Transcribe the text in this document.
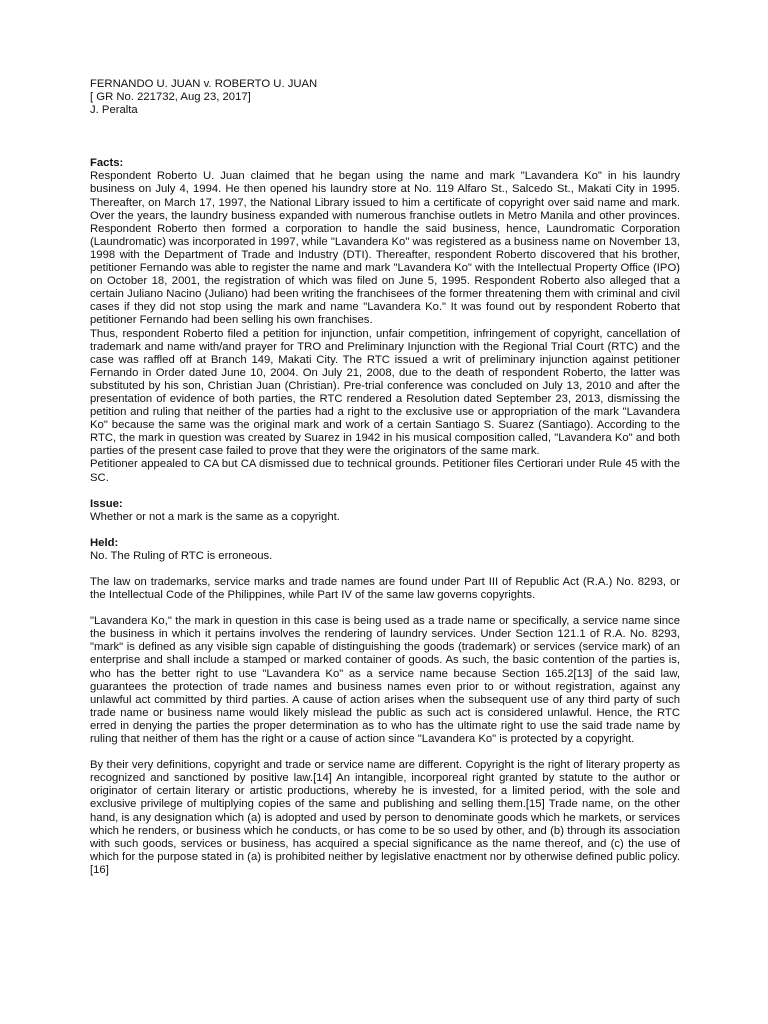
FERNANDO U. JUAN v. ROBERTO U. JUAN

[ GR No. 221732, Aug 23, 2017]

J. Peralta

Facts:

Respondent Roberto U. Juan claimed that he began using the name and mark "Lavandera Ko" in his laundry business on July 4, 1994. He then opened his laundry store at No. 119 Alfaro St., Salcedo St., Makati City in 1995. Thereafter, on March 17, 1997, the National Library issued to him a certificate of copyright over said name and mark. Over the years, the laundry business expanded with numerous franchise outlets in Metro Manila and other provinces. Respondent Roberto then formed a corporation to handle the said business, hence, Laundromatic Corporation (Laundromatic) was incorporated in 1997, while "Lavandera Ko" was registered as a business name on November 13, 1998 with the Department of Trade and Industry (DTI). Thereafter, respondent Roberto discovered that his brother, petitioner Fernando was able to register the name and mark "Lavandera Ko" with the Intellectual Property Office (IPO) on October 18, 2001, the registration of which was filed on June 5, 1995. Respondent Roberto also alleged that a certain Juliano Nacino (Juliano) had been writing the franchisees of the former threatening them with criminal and civil cases if they did not stop using the mark and name "Lavandera Ko." It was found out by respondent Roberto that petitioner Fernando had been selling his own franchises.

Thus, respondent Roberto filed a petition for injunction, unfair competition, infringement of copyright, cancellation of trademark and name with/and prayer for TRO and Preliminary Injunction with the Regional Trial Court (RTC) and the case was raffled off at Branch 149, Makati City. The RTC issued a writ of preliminary injunction against petitioner Fernando in Order dated June 10, 2004. On July 21, 2008, due to the death of respondent Roberto, the latter was substituted by his son, Christian Juan (Christian). Pre-trial conference was concluded on July 13, 2010 and after the presentation of evidence of both parties, the RTC rendered a Resolution dated September 23, 2013, dismissing the petition and ruling that neither of the parties had a right to the exclusive use or appropriation of the mark "Lavandera Ko" because the same was the original mark and work of a certain Santiago S. Suarez (Santiago). According to the RTC, the mark in question was created by Suarez in 1942 in his musical composition called, "Lavandera Ko" and both parties of the present case failed to prove that they were the originators of the same mark.

Petitioner appealed to CA but CA dismissed due to technical grounds. Petitioner files Certiorari under Rule 45 with the SC.

Issue:

Whether or not a mark is the same as a copyright.

Held:

No. The Ruling of RTC is erroneous.

The law on trademarks, service marks and trade names are found under Part III of Republic Act (R.A.) No. 8293, or the Intellectual Code of the Philippines, while Part IV of the same law governs copyrights.

"Lavandera Ko," the mark in question in this case is being used as a trade name or specifically, a service name since the business in which it pertains involves the rendering of laundry services. Under Section 121.1 of R.A. No. 8293, "mark" is defined as any visible sign capable of distinguishing the goods (trademark) or services (service mark) of an enterprise and shall include a stamped or marked container of goods. As such, the basic contention of the parties is, who has the better right to use "Lavandera Ko" as a service name because Section 165.2[13] of the said law, guarantees the protection of trade names and business names even prior to or without registration, against any unlawful act committed by third parties. A cause of action arises when the subsequent use of any third party of such trade name or business name would likely mislead the public as such act is considered unlawful. Hence, the RTC erred in denying the parties the proper determination as to who has the ultimate right to use the said trade name by ruling that neither of them has the right or a cause of action since "Lavandera Ko" is protected by a copyright.

By their very definitions, copyright and trade or service name are different. Copyright is the right of literary property as recognized and sanctioned by positive law.[14] An intangible, incorporeal right granted by statute to the author or originator of certain literary or artistic productions, whereby he is invested, for a limited period, with the sole and exclusive privilege of multiplying copies of the same and publishing and selling them.[15] Trade name, on the other hand, is any designation which (a) is adopted and used by person to denominate goods which he markets, or services which he renders, or business which he conducts, or has come to be so used by other, and (b) through its association with such goods, services or business, has acquired a special significance as the name thereof, and (c) the use of which for the purpose stated in (a) is prohibited neither by legislative enactment nor by otherwise defined public policy.[16]
